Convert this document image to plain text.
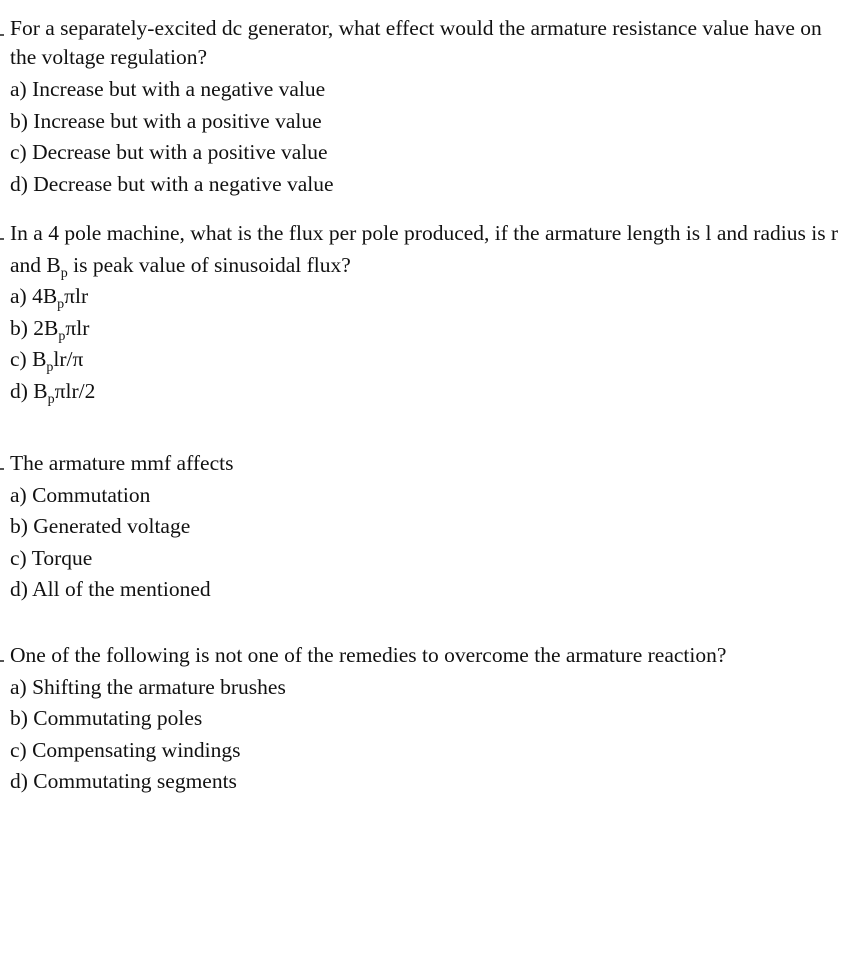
For a separately-excited dc generator, what effect would the armature resistance value have on the voltage regulation?

a) Increase but with a negative value

b) Increase but with a positive value

c) Decrease but with a positive value

d) Decrease but with a negative value

In a 4 pole machine, what is the flux per pole produced, if the armature length is l and radius is r and $B_p$ is peak value of sinusoidal flux?

a) $4B_p\pi lr$

b) $2B_p\pi lr$

c) $B_plr/\pi$

d) $B_p\pi lr/2$

The armature mmf affects

a) Commutation

b) Generated voltage

c) Torque

d) All of the mentioned

One of the following is not one of the remedies to overcome the armature reaction?

a) Shifting the armature brushes

b) Commutating poles

c) Compensating windings

d) Commutating segments
